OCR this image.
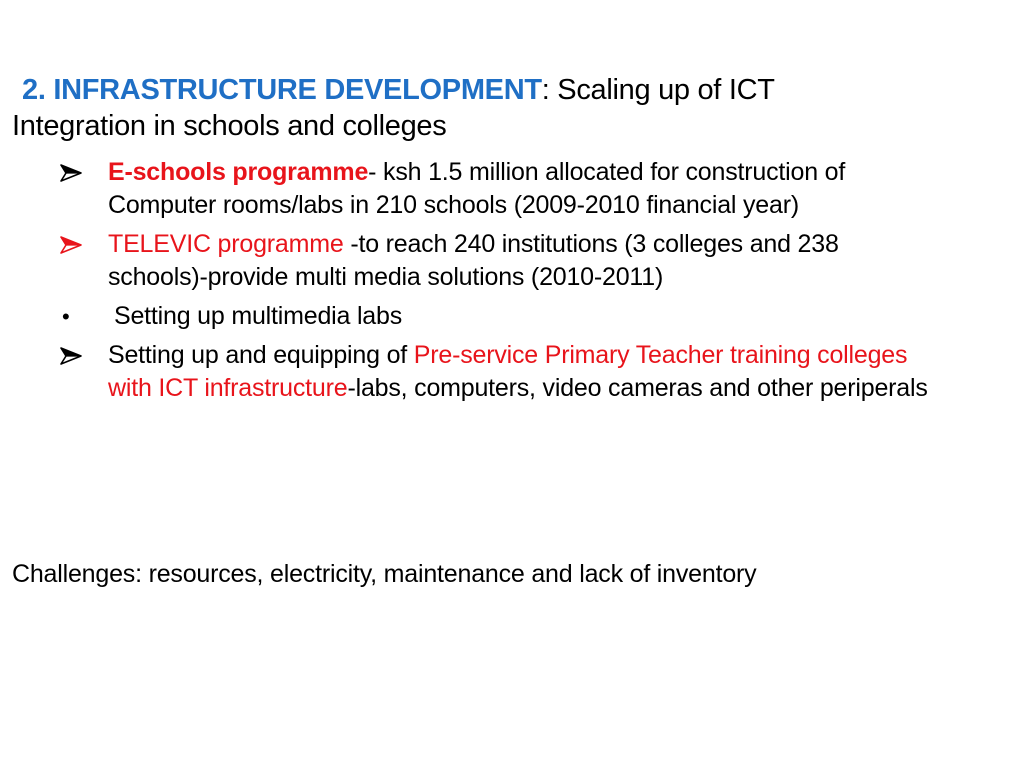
2. INFRASTRUCTURE DEVELOPMENT: Scaling up of ICT
Integration in schools and colleges
E-schools programme- ksh 1.5 million allocated for construction of Computer rooms/labs in 210 schools (2009-2010 financial year)
TELEVIC programme -to reach 240 institutions (3 colleges and 238 schools)-provide multi media solutions (2010-2011)
•	Setting up multimedia labs
Setting up and equipping of Pre-service Primary Teacher training colleges with ICT infrastructure-labs, computers, video cameras and other periperals
Challenges: resources, electricity, maintenance and lack of inventory
